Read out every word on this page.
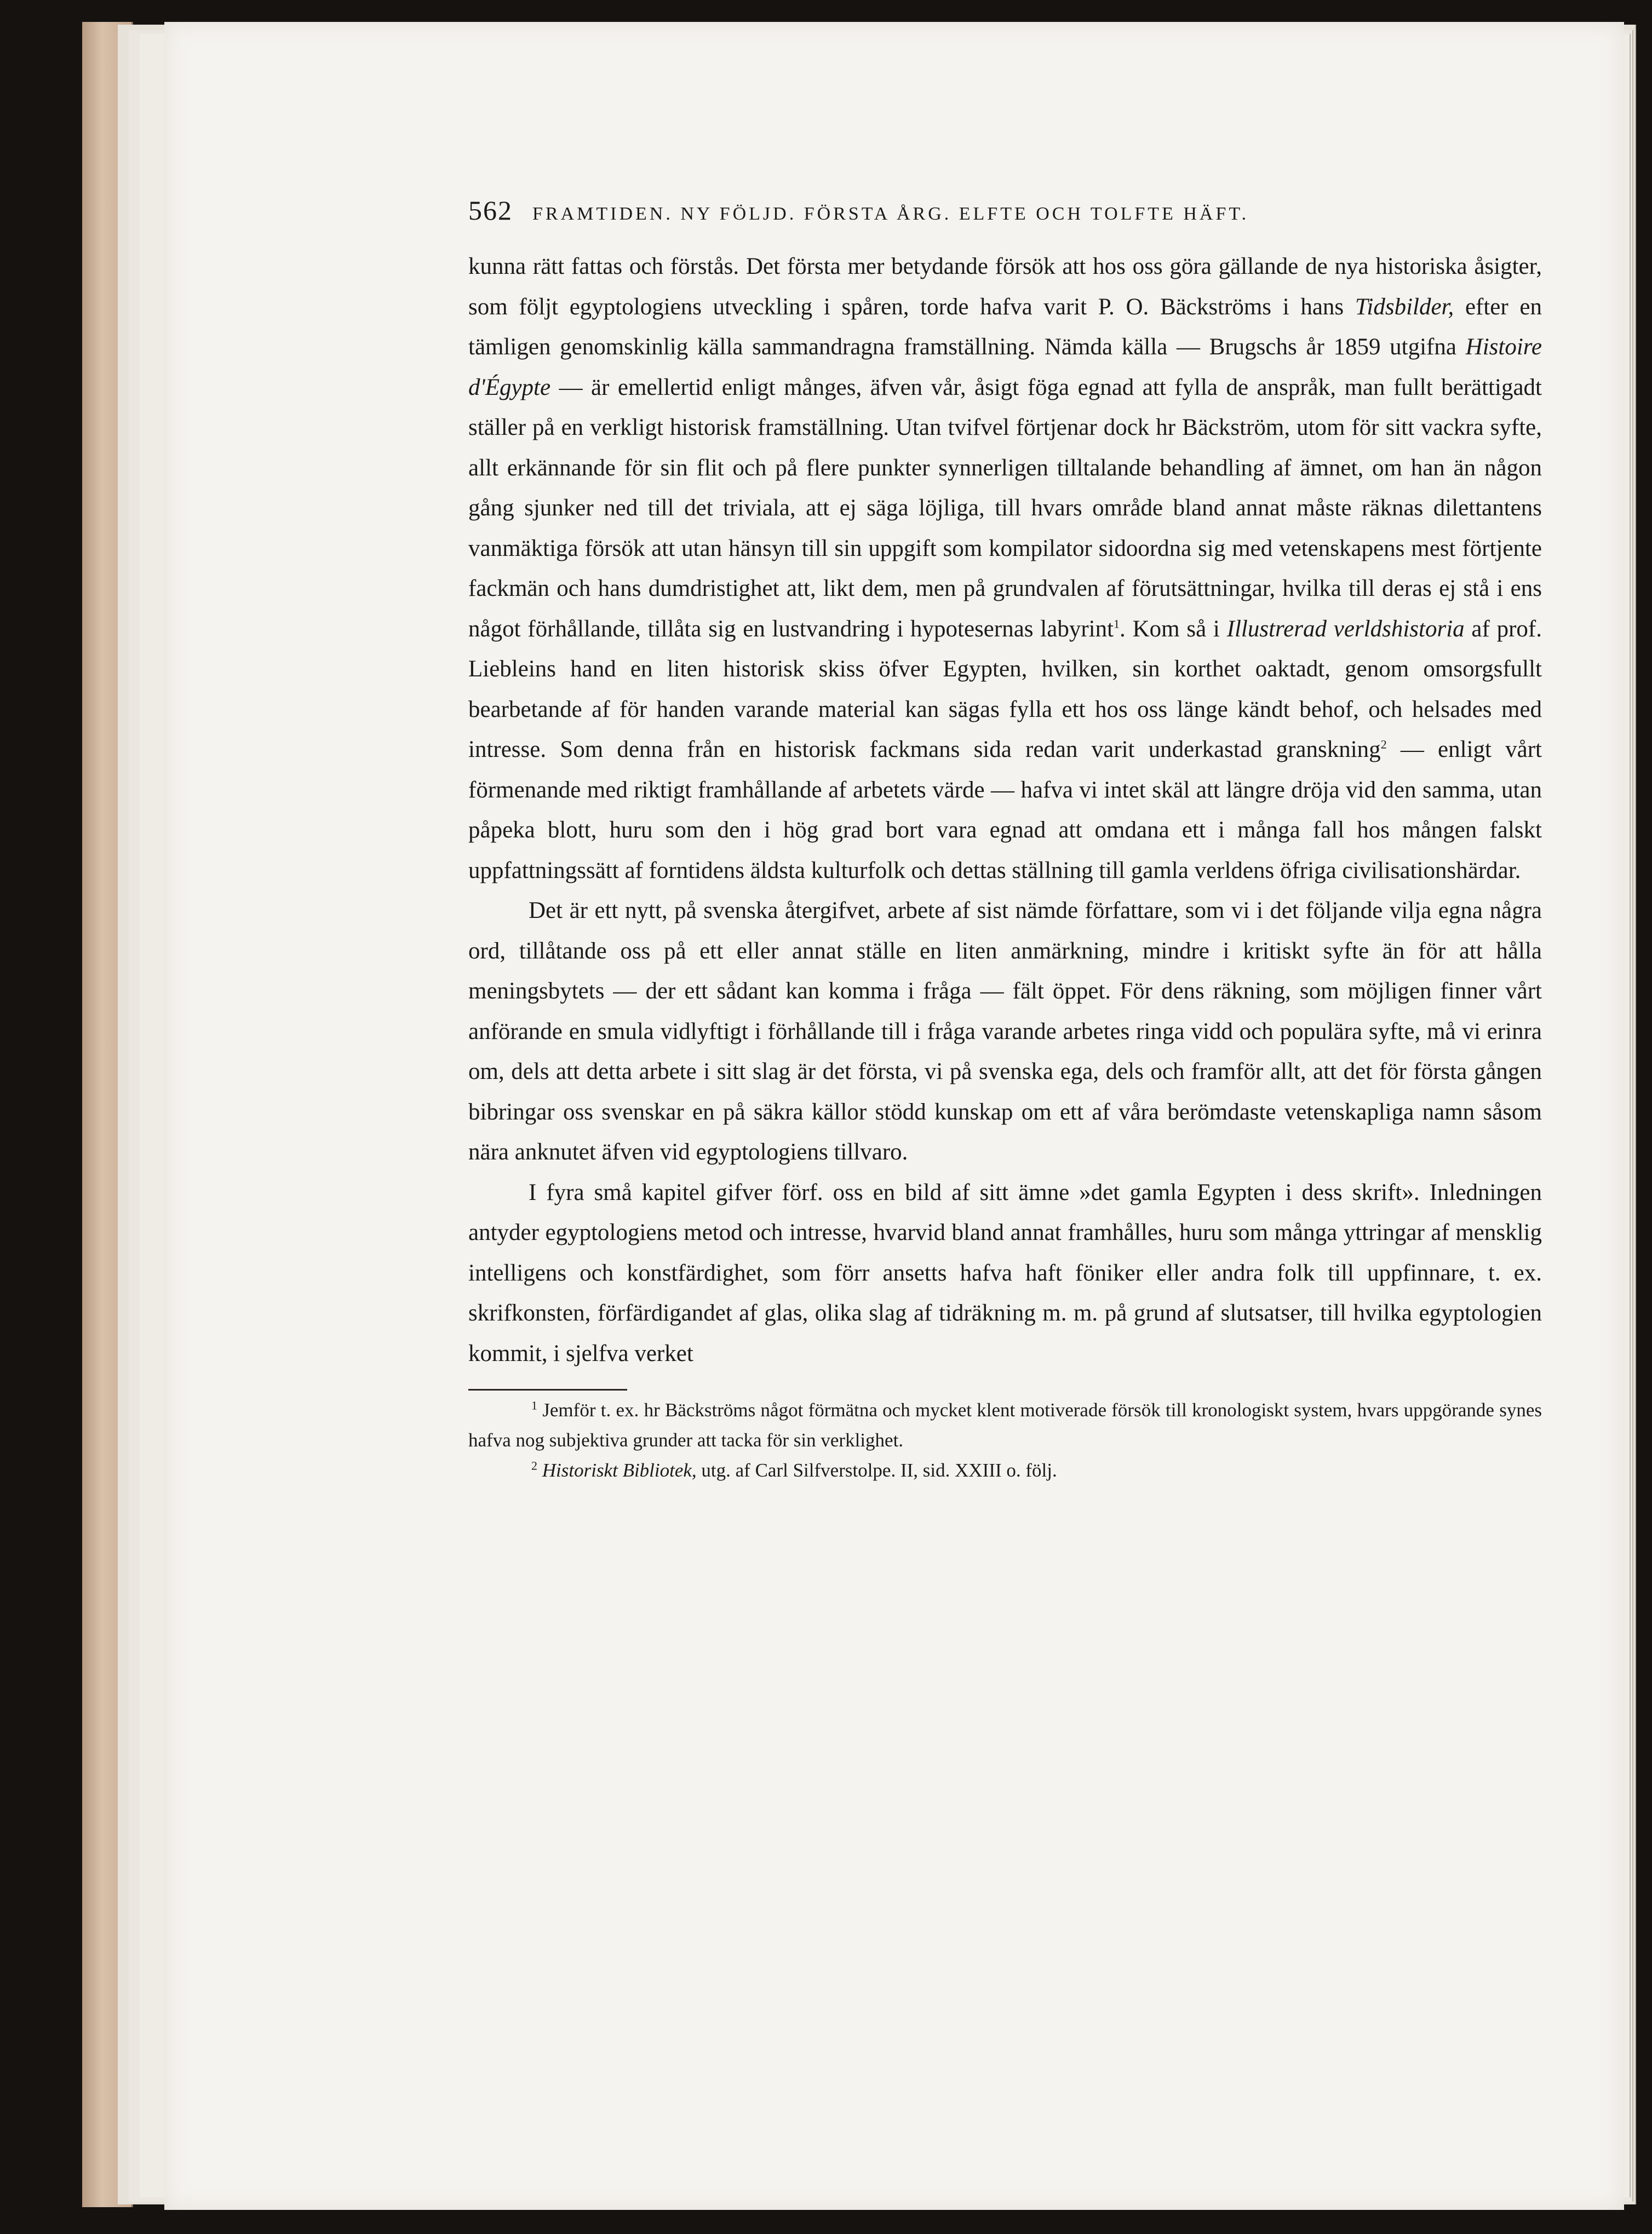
562 FRAMTIDEN. NY FÖLJD. FÖRSTA ÅRG. ELFTE OCH TOLFTE HÄFT.

kunna rätt fattas och förstås. Det första mer betydande försök att hos oss göra gällande de nya historiska åsigter, som följt egyptologiens utveckling i spåren, torde hafva varit P. O. Bäckströms i hans Tidsbilder, efter en tämligen genomskinlig källa sammandragna framställning. Nämda källa — Brugschs år 1859 utgifna Histoire d'Égypte — är emellertid enligt månges, äfven vår, åsigt föga egnad att fylla de anspråk, man fullt berättigadt ställer på en verkligt historisk framställning. Utan tvifvel förtjenar dock hr Bäckström, utom för sitt vackra syfte, allt erkännande för sin flit och på flere punkter synnerligen tilltalande behandling af ämnet, om han än någon gång sjunker ned till det triviala, att ej säga löjliga, till hvars område bland annat måste räknas dilettantens vanmäktiga försök att utan hänsyn till sin uppgift som kompilator sidoordna sig med vetenskapens mest förtjente fackmän och hans dumdristighet att, likt dem, men på grundvalen af förutsättningar, hvilka till deras ej stå i ens något förhållande, tillåta sig en lustvandring i hypotesernas labyrint$^1$. Kom så i Illustrerad verldshistoria af prof. Liebleins hand en liten historisk skiss öfver Egypten, hvilken, sin korthet oaktadt, genom omsorgsfullt bearbetande af för handen varande material kan sägas fylla ett hos oss länge kändt behof, och helsades med intresse. Som denna från en historisk fackmans sida redan varit underkastad granskning$^2$ — enligt vårt förmenande med riktigt framhållande af arbetets värde — hafva vi intet skäl att längre dröja vid den samma, utan påpeka blott, huru som den i hög grad bort vara egnad att omdana ett i många fall hos mången falskt uppfattningssätt af forntidens äldsta kulturfolk och dettas ställning till gamla verldens öfriga civilisationshärdar.

Det är ett nytt, på svenska återgifvet, arbete af sist nämde författare, som vi i det följande vilja egna några ord, tillåtande oss på ett eller annat ställe en liten anmärkning, mindre i kritiskt syfte än för att hålla meningsbytets — der ett sådant kan komma i fråga — fält öppet. För dens räkning, som möjligen finner vårt anförande en smula vidlyftigt i förhållande till i fråga varande arbetes ringa vidd och populära syfte, må vi erinra om, dels att detta arbete i sitt slag är det första, vi på svenska ega, dels och framför allt, att det för första gången bibringar oss svenskar en på säkra källor stödd kunskap om ett af våra berömdaste vetenskapliga namn såsom nära anknutet äfven vid egyptologiens tillvaro.

I fyra små kapitel gifver förf. oss en bild af sitt ämne »det gamla Egypten i dess skrift». Inledningen antyder egyptologiens metod och intresse, hvarvid bland annat framhålles, huru som många yttringar af mensklig intelligens och konstfärdighet, som förr ansetts hafva haft föniker eller andra folk till uppfinnare, t. ex. skrifkonsten, förfärdigandet af glas, olika slag af tidräkning m. m. på grund af slutsatser, till hvilka egyptologien kommit, i sjelfva verket

$^1$ Jemför t. ex. hr Bäckströms något förmätna och mycket klent motiverade försök till kronologiskt system, hvars uppgörande synes hafva nog subjektiva grunder att tacka för sin verklighet.

$^2$ Historiskt Bibliotek, utg. af Carl Silfverstolpe. II, sid. XXIII o. följ.
